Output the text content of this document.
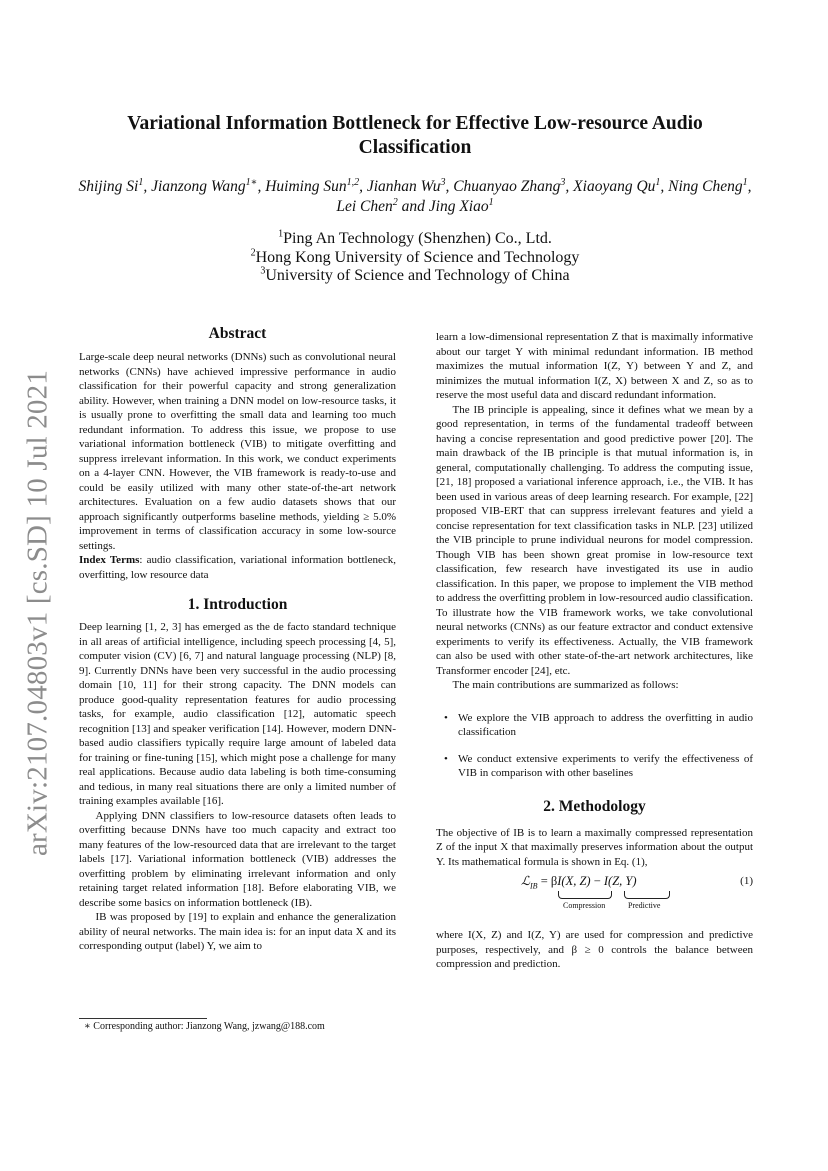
arXiv:2107.04803v1 [cs.SD] 10 Jul 2021
Variational Information Bottleneck for Effective Low-resource Audio Classification
Shijing Si$^1$, Jianzong Wang$^{1∗}$, Huiming Sun$^{1,2}$, Jianhan Wu$^3$, Chuanyao Zhang$^3$, Xiaoyang Qu$^1$, Ning Cheng$^1$, Lei Chen$^2$ and Jing Xiao$^1$
$^1$Ping An Technology (Shenzhen) Co., Ltd.
$^2$Hong Kong University of Science and Technology
$^3$University of Science and Technology of China
Abstract

Large-scale deep neural networks (DNNs) such as convolutional neural networks (CNNs) have achieved impressive performance in audio classification for their powerful capacity and strong generalization ability. However, when training a DNN model on low-resource tasks, it is usually prone to overfitting the small data and learning too much redundant information. To address this issue, we propose to use variational information bottleneck (VIB) to mitigate overfitting and suppress irrelevant information. In this work, we conduct experiments on a 4-layer CNN. However, the VIB framework is ready-to-use and could be easily utilized with many other state-of-the-art network architectures. Evaluation on a few audio datasets shows that our approach significantly outperforms baseline methods, yielding ≥ 5.0% improvement in terms of classification accuracy in some low-source settings.

Index Terms: audio classification, variational information bottleneck, overfitting, low resource data

1. Introduction

Deep learning [1, 2, 3] has emerged as the de facto standard technique in all areas of artificial intelligence, including speech processing [4, 5], computer vision (CV) [6, 7] and natural language processing (NLP) [8, 9]. Currently DNNs have been very successful in the audio processing domain [10, 11] for their strong capacity. The DNN models can produce good-quality representation features for audio processing tasks, for example, audio classification [12], automatic speech recognition [13] and speaker verification [14]. However, modern DNN-based audio classifiers typically require large amount of labeled data for training or fine-tuning [15], which might pose a challenge for many real applications. Because audio data labeling is both time-consuming and tedious, in many real situations there are only a limited number of training examples available [16].

Applying DNN classifiers to low-resource datasets often leads to overfitting because DNNs have too much capacity and extract too many features of the low-resourced data that are irrelevant to the target labels [17]. Variational information bottleneck (VIB) addresses the overfitting problem by eliminating irrelevant information and only retaining target related information [18]. Before elaborating VIB, we describe some basics on information bottleneck (IB).

IB was proposed by [19] to explain and enhance the generalization ability of neural networks. The main idea is: for an input data X and its corresponding output (label) Y, we aim to

learn a low-dimensional representation Z that is maximally informative about our target Y with minimal redundant information. IB method maximizes the mutual information I(Z, Y) between Y and Z, and minimizes the mutual information I(Z, X) between X and Z, so as to reserve the most useful data and discard redundant information.

The IB principle is appealing, since it defines what we mean by a good representation, in terms of the fundamental tradeoff between having a concise representation and good predictive power [20]. The main drawback of the IB principle is that mutual information is, in general, computationally challenging. To address the computing issue, [21, 18] proposed a variational inference approach, i.e., the VIB. It has been used in various areas of deep learning research. For example, [22] proposed VIB-ERT that can suppress irrelevant features and yield a concise representation for text classification tasks in NLP. [23] utilized the VIB principle to prune individual neurons for model compression. Though VIB has been shown great promise in low-resource text classification, few research have investigated its use in audio classification. In this paper, we propose to implement the VIB method to address the overfitting problem in low-resourced audio classification. To illustrate how the VIB framework works, we take convolutional neural networks (CNNs) as our feature extractor and conduct extensive experiments to verify its effectiveness. Actually, the VIB framework can also be used with other state-of-the-art network architectures, like Transformer encoder [24], etc.

The main contributions are summarized as follows:

• We explore the VIB approach to address the overfitting in audio classification
• We conduct extensive experiments to verify the effectiveness of VIB in comparison with other baselines
2. Methodology

The objective of IB is to learn a maximally compressed representation Z of the input X that maximally preserves information about the output Y. Its mathematical formula is shown in Eq. (1),

ℒ$_{IB}$ = βI(X, Z) − I(Z, Y)
Compression	Predictive
(1)

where I(X, Z) and I(Z, Y) are used for compression and predictive purposes, respectively, and β ≥ 0 controls the balance between compression and prediction.

∗ Corresponding author: Jianzong Wang, jzwang@188.com
